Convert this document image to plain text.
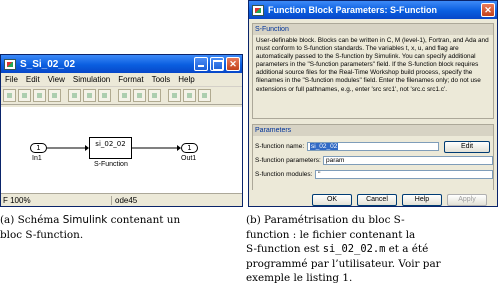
S_Si_02_02	✕
File	Edit	View	Simulation	Format	Tools	Help
1
In1
si_02_02
S-Function
1
Out1
F 100%	ode45
Function Block Parameters: S-Function	✕
S-Function
User-definable block. Blocks can be written in C, M (level-1), Fortran, and Ada and must conform to S-function standards. The variables t, x, u, and flag are automatically passed to the S-function by Simulink. You can specify additional parameters in the "S-function parameters" field. If the S-function block requires additional source files for the Real-Time Workshop build process, specify the filenames in the "S-function modules" field. Enter the filenames only; do not use extensions or full pathnames, e.g., enter 'src src1', not 'src.c src1.c'.
Parameters
S-function name:	si_02_02	Edit
S-function parameters: param
S-function modules: ''
OK	Cancel	Help	Apply
(a) Schéma Simulink contenant un
bloc S-function.
(b) Paramétrisation du bloc S-
function : le fichier contenant la
S-function est si_02_02.m et a été
programmé par l’utilisateur. Voir par
exemple le listing 1.
